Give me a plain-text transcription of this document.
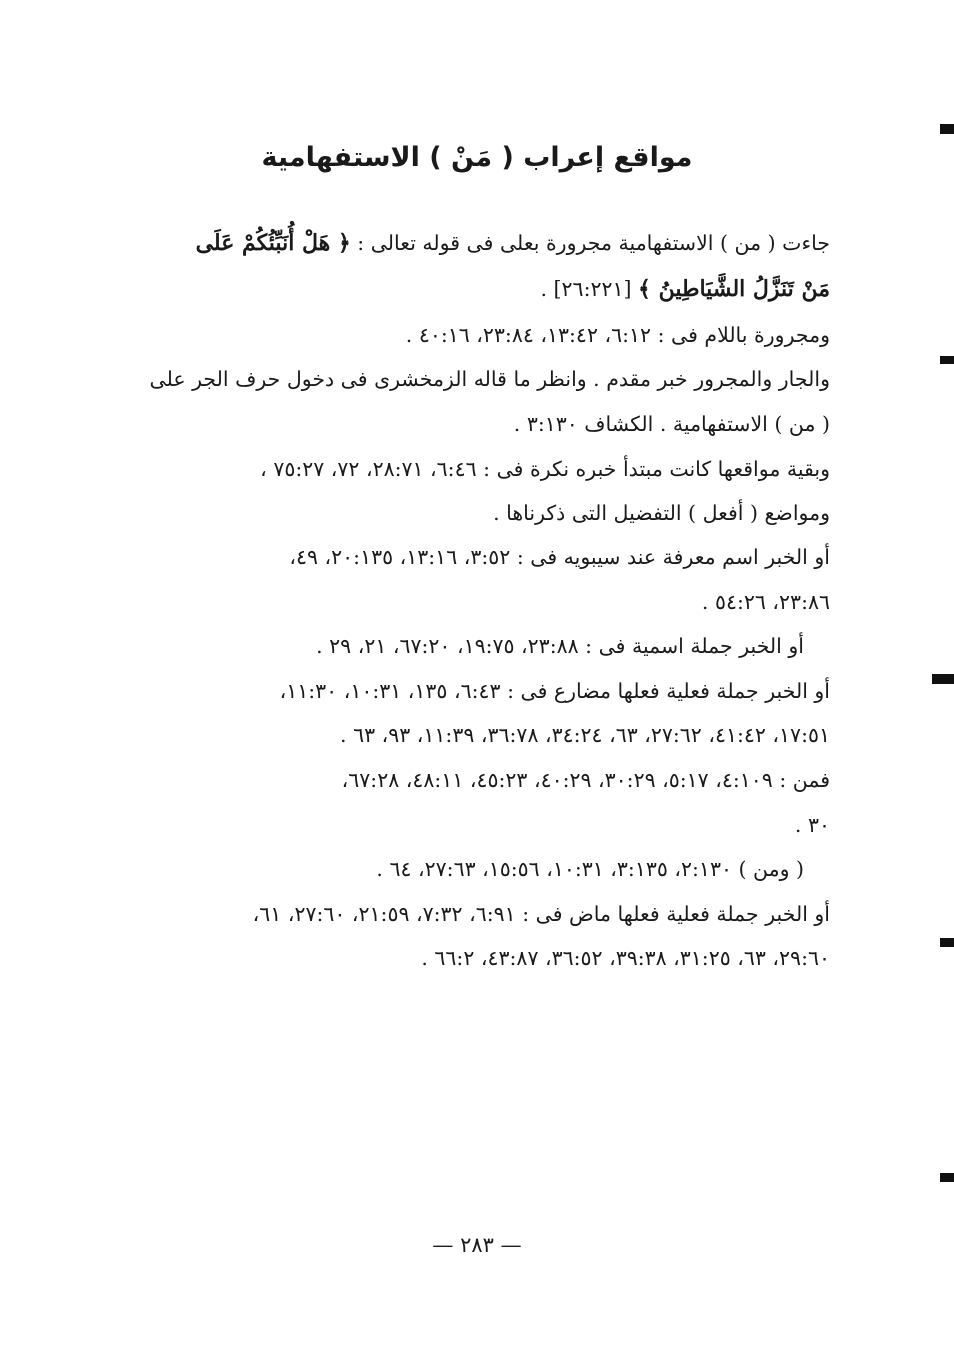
مواقع إعراب ( مَنْ ) الاستفهامية

جاءت ( من ) الاستفهامية مجرورة بعلى فى قوله تعالى : ﴿ هَلْ أُنَبِّئُكُمْ عَلَى

مَنْ تَنَزَّلُ الشَّيَاطِينُ ﴾ [٢٦:٢٢١] .

ومجرورة باللام فى : ٦:١٢، ١٣:٤٢، ٢٣:٨٤، ٤٠:١٦ .

والجار والمجرور خبر مقدم . وانظر ما قاله الزمخشرى فى دخول حرف الجر على

( من ) الاستفهامية . الكشاف ٣:١٣٠ .

وبقية مواقعها كانت مبتدأ خبره نكرة فى : ٦:٤٦، ٢٨:٧١، ٧٢، ٧٥:٢٧ ،

ومواضع ( أفعل ) التفضيل التى ذكرناها .

أو الخبر اسم معرفة عند سيبويه فى : ٣:٥٢، ١٣:١٦، ٢٠:١٣٥، ٤٩،

٢٣:٨٦، ٥٤:٢٦ .

أو الخبر جملة اسمية فى : ٢٣:٨٨، ١٩:٧٥، ٦٧:٢٠، ٢١، ٢٩ .

أو الخبر جملة فعلية فعلها مضارع فى : ٦:٤٣، ١٣٥، ١٠:٣١، ١١:٣٠،

١٧:٥١، ٤١:٤٢، ٢٧:٦٢، ٦٣، ٣٤:٢٤، ٣٦:٧٨، ١١:٣٩، ٩٣، ٦٣ .

فمن : ٤:١٠٩، ٥:١٧، ٣٠:٢٩، ٤٠:٢٩، ٤٥:٢٣، ٤٨:١١، ٦٧:٢٨،

٣٠ .

( ومن ) ٢:١٣٠، ٣:١٣٥، ١٠:٣١، ١٥:٥٦، ٢٧:٦٣، ٦٤ .

أو الخبر جملة فعلية فعلها ماض فى : ٦:٩١، ٧:٣٢، ٢١:٥٩، ٢٧:٦٠، ٦١،

٢٩:٦٠، ٦٣، ٣١:٢٥، ٣٩:٣٨، ٣٦:٥٢، ٤٣:٨٧، ٦٦:٢ .

— ٢٨٣ —
